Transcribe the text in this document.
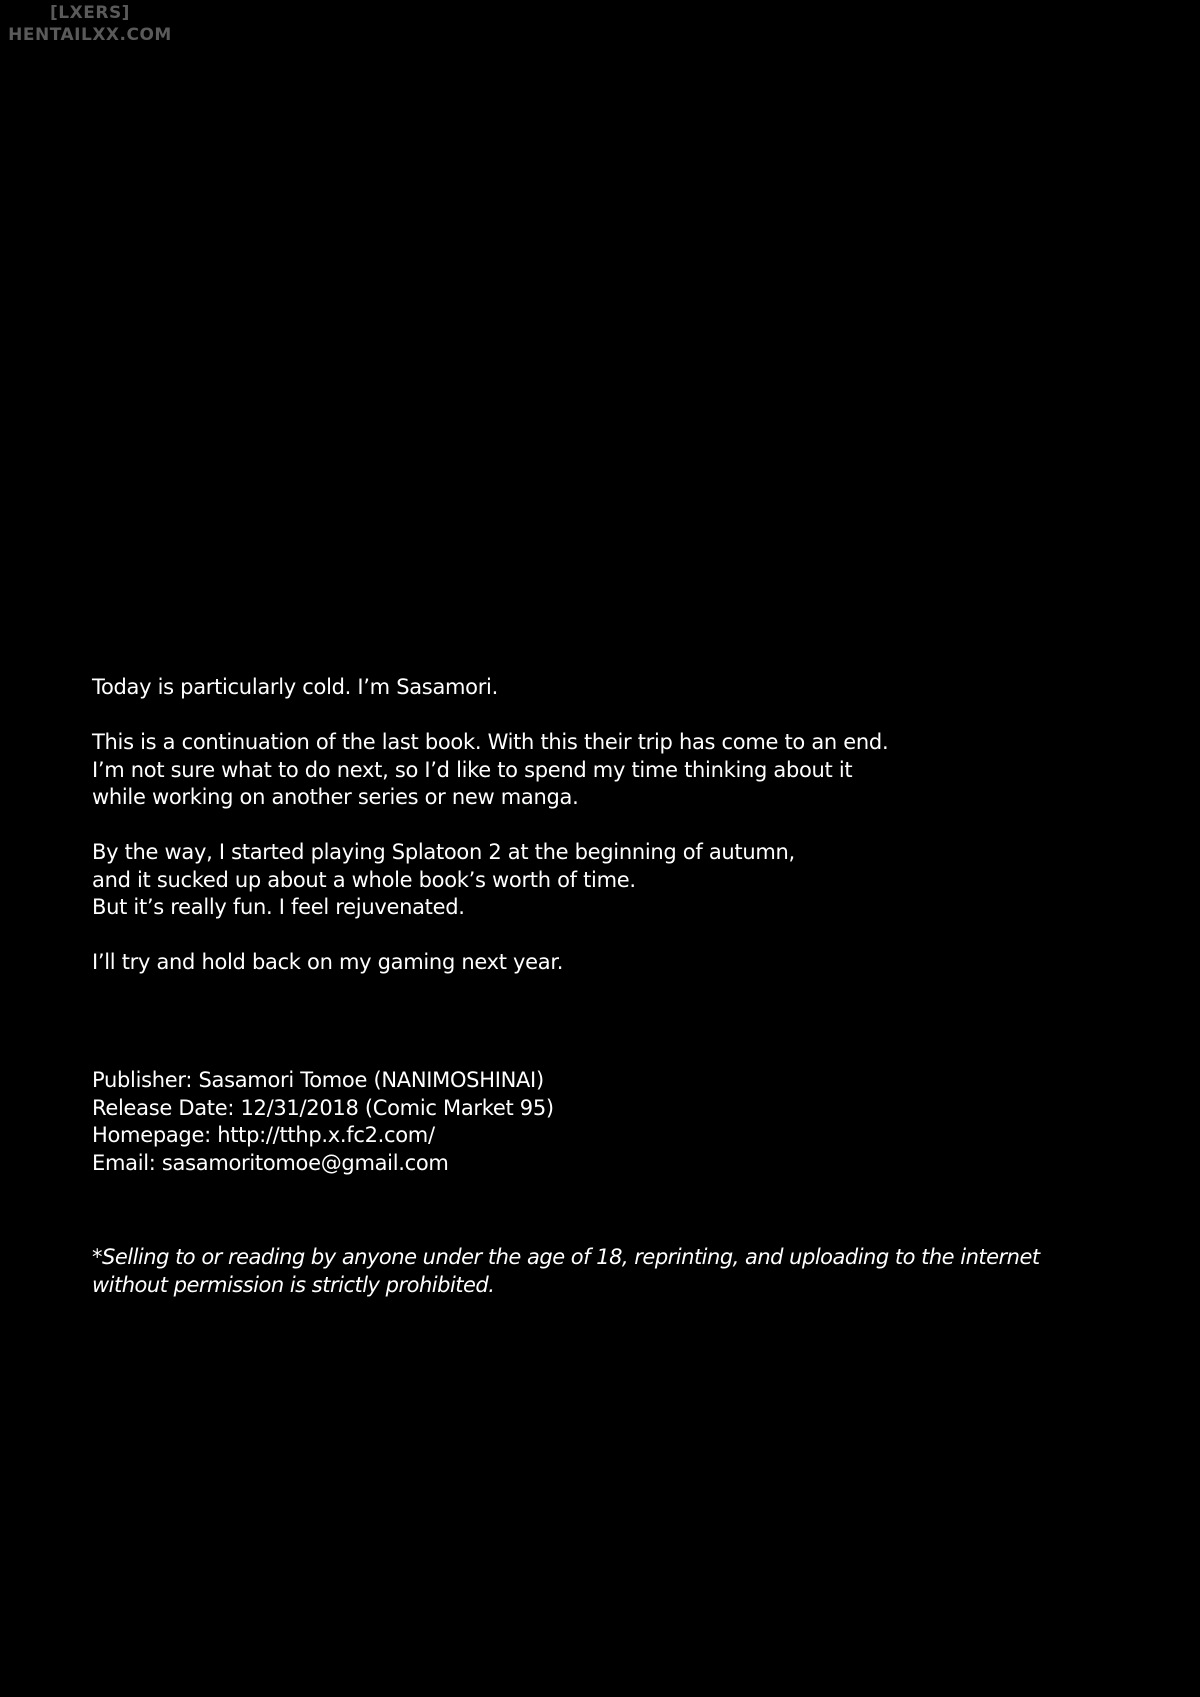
[LXERS]
HENTAILXX.COM

Today is particularly cold. I’m Sasamori.

This is a continuation of the last book. With this their trip has come to an end.
I’m not sure what to do next, so I’d like to spend my time thinking about it
while working on another series or new manga.

By the way, I started playing Splatoon 2 at the beginning of autumn,
and it sucked up about a whole book’s worth of time.
But it’s really fun. I feel rejuvenated.

I’ll try and hold back on my gaming next year.

Publisher: Sasamori Tomoe (NANIMOSHINAI)
Release Date: 12/31/2018 (Comic Market 95)
Homepage: http://tthp.x.fc2.com/
Email: sasamoritomoe@gmail.com
*Selling to or reading by anyone under the age of 18, reprinting, and uploading to the internet
without permission is strictly prohibited.
